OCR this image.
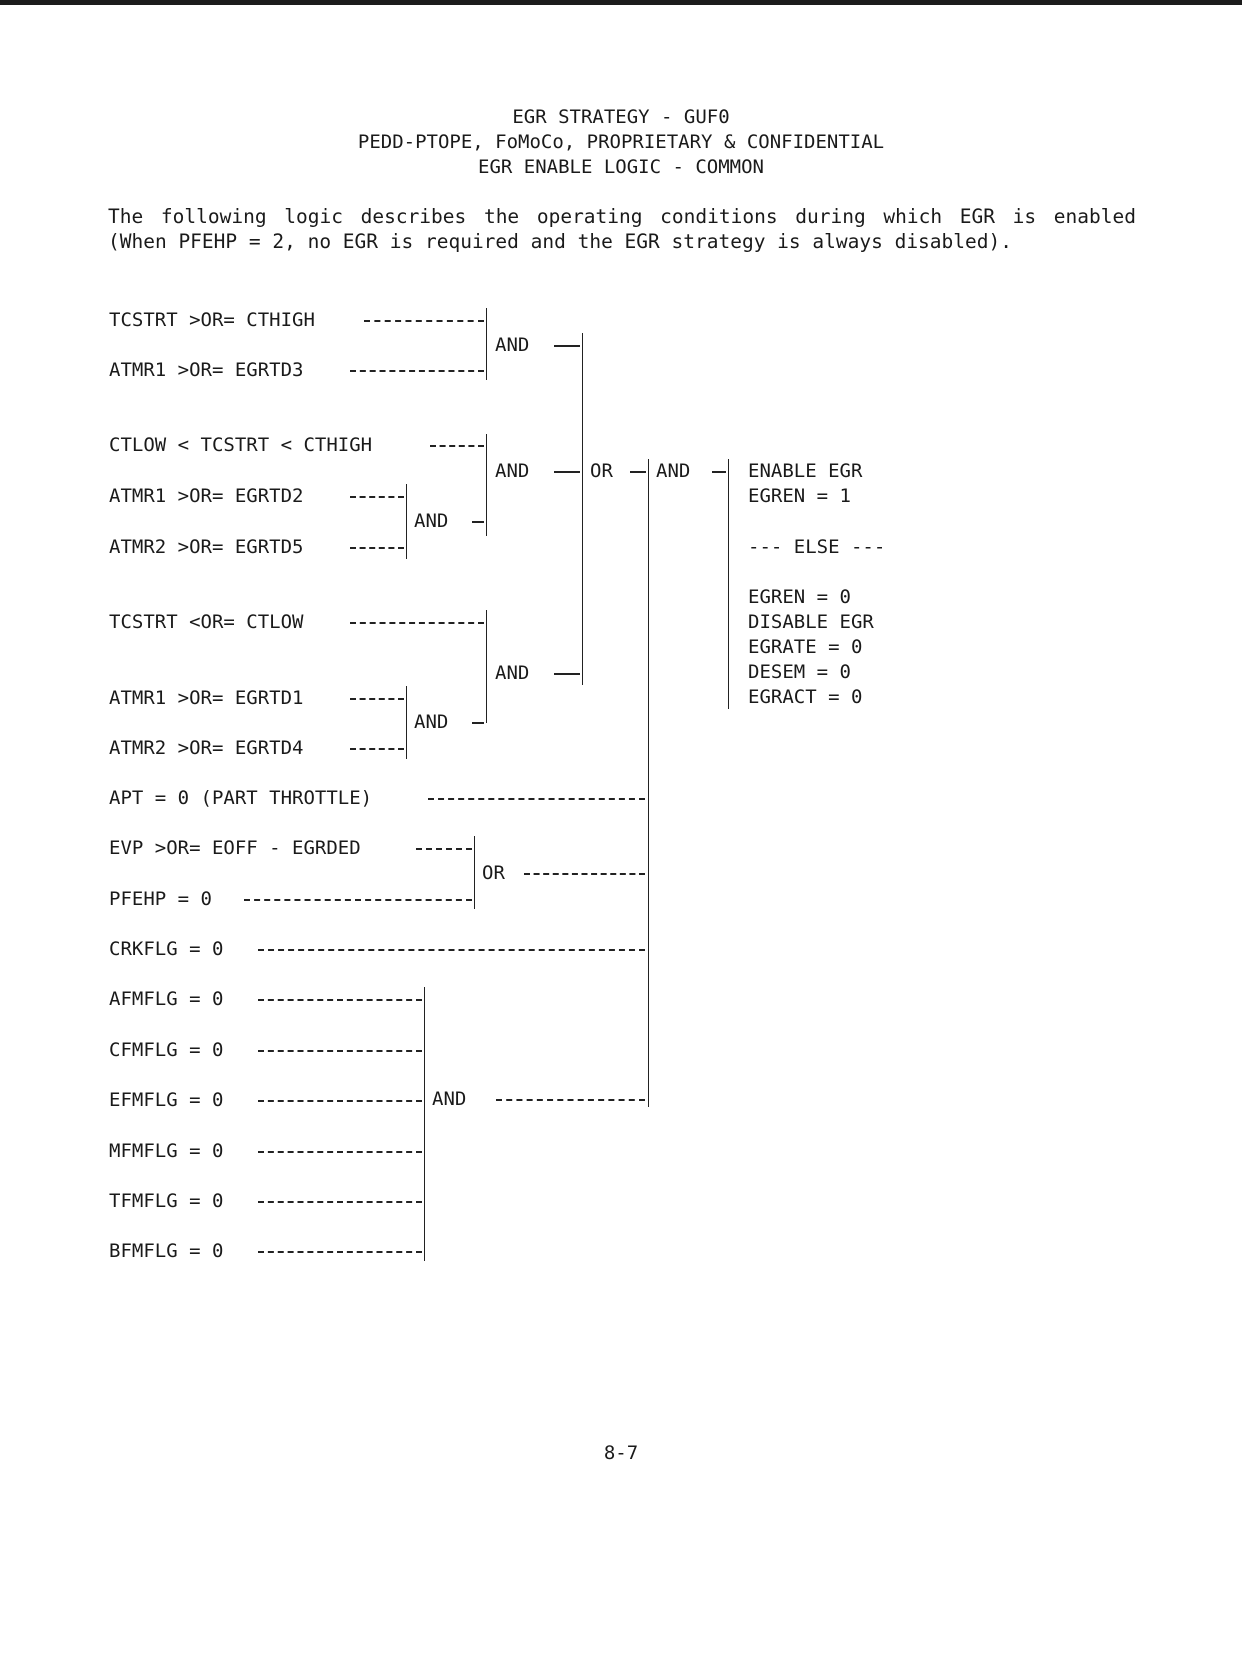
EGR STRATEGY - GUF0
PEDD-PTOPE, FoMoCo, PROPRIETARY & CONFIDENTIAL
EGR ENABLE LOGIC - COMMON
The following logic describes the operating conditions during which EGR is enabled (When PFEHP = 2, no EGR is required and the EGR strategy is always disabled).
TCSTRT >OR= CTHIGH
ATMR1 >OR= EGRTD3
CTLOW < TCSTRT < CTHIGH
ATMR1 >OR= EGRTD2
ATMR2 >OR= EGRTD5
TCSTRT <OR= CTLOW
ATMR1 >OR= EGRTD1
ATMR2 >OR= EGRTD4
APT = 0 (PART THROTTLE)
EVP >OR= EOFF - EGRDED
PFEHP = 0
CRKFLG = 0
AFMFLG = 0
CFMFLG = 0
EFMFLG = 0
MFMFLG = 0
TFMFLG = 0
BFMFLG = 0
AND
AND	OR	AND
AND
AND
AND
OR
AND
ENABLE EGR
EGREN = 1
--- ELSE ---
EGREN = 0
DISABLE EGR
EGRATE = 0
DESEM = 0
EGRACT = 0
8-7
